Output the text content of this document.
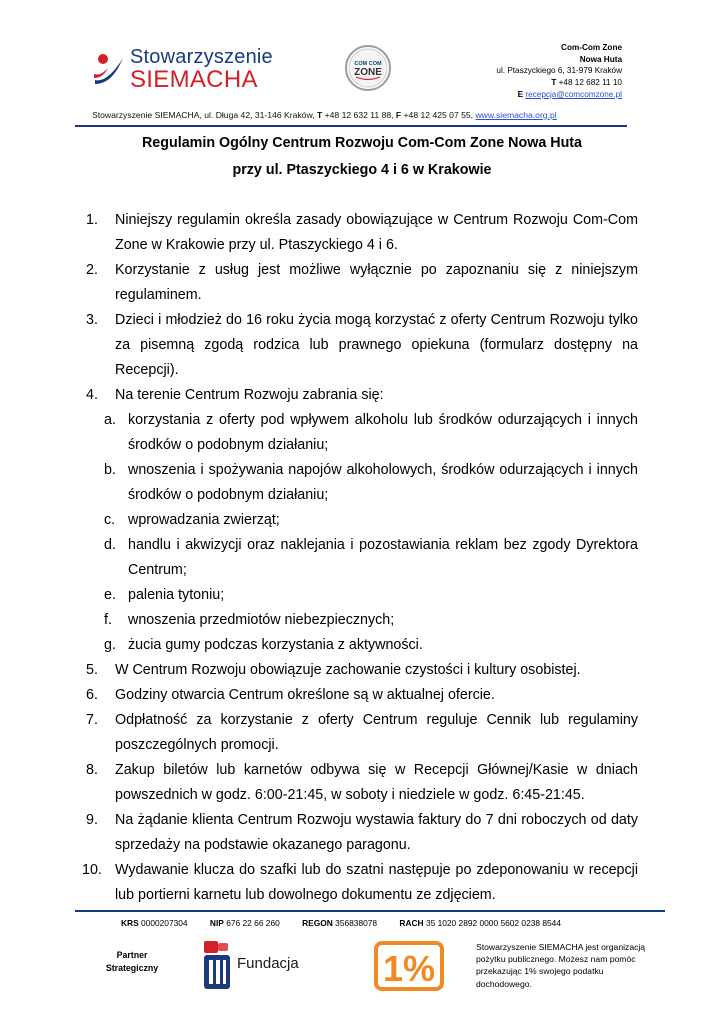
Stowarzyszenie
SIEMACHA
COM COM
ZONE
Com-Com Zone
Nowa Huta
ul. Ptaszyckiego 6, 31-979 Kraków
T +48 12 682 11 10
E recepcja@comcomzone.pl
Stowarzyszenie SIEMACHA, ul. Długa 42, 31-146 Kraków, T +48 12 632 11 88, F +48 12 425 07 55, www.siemacha.org.pl
Regulamin Ogólny Centrum Rozwoju Com-Com Zone Nowa Huta
przy ul. Ptaszyckiego 4 i 6 w Krakowie
1. Niniejszy regulamin określa zasady obowiązujące w Centrum Rozwoju Com-Com Zone w Krakowie przy ul. Ptaszyckiego 4 i 6.
2. Korzystanie z usług jest możliwe wyłącznie po zapoznaniu się z niniejszym regulaminem.
3. Dzieci i młodzież do 16 roku życia mogą korzystać z oferty Centrum Rozwoju tylko za pisemną zgodą rodzica lub prawnego opiekuna (formularz dostępny na Recepcji).
4. Na terenie Centrum Rozwoju zabrania się:
a. korzystania z oferty pod wpływem alkoholu lub środków odurzających i innych środków o podobnym działaniu;
b. wnoszenia i spożywania napojów alkoholowych, środków odurzających i innych środków o podobnym działaniu;
c. wprowadzania zwierząt;
d. handlu i akwizycji oraz naklejania i pozostawiania reklam bez zgody Dyrektora Centrum;
e. palenia tytoniu;
f. wnoszenia przedmiotów niebezpiecznych;
g. żucia gumy podczas korzystania z aktywności.
5. W Centrum Rozwoju obowiązuje zachowanie czystości i kultury osobistej.
6. Godziny otwarcia Centrum określone są w aktualnej ofercie.
7. Odpłatność za korzystanie z oferty Centrum reguluje Cennik lub regulaminy poszczególnych promocji.
8. Zakup biletów lub karnetów odbywa się w Recepcji Głównej/Kasie w dniach powszednich w godz. 6:00-21:45, w soboty i niedziele w godz. 6:45-21:45.
9. Na żądanie klienta Centrum Rozwoju wystawia faktury do 7 dni roboczych od daty sprzedaży na podstawie okazanego paragonu.
10. Wydawanie klucza do szafki lub do szatni następuje po zdeponowaniu w recepcji lub portierni karnetu lub dowolnego dokumentu ze zdjęciem.
KRS 0000207304	NIP 676 22 66 260	REGON 356838078	RACH 35 1020 2892 0000 5602 0238 8544
Partner
Strategiczny	Fundacja 1%
Stowarzyszenie SIEMACHA jest organizacją pożytku publicznego. Możesz nam pomóc przekazując 1% swojego podatku dochodowego.
